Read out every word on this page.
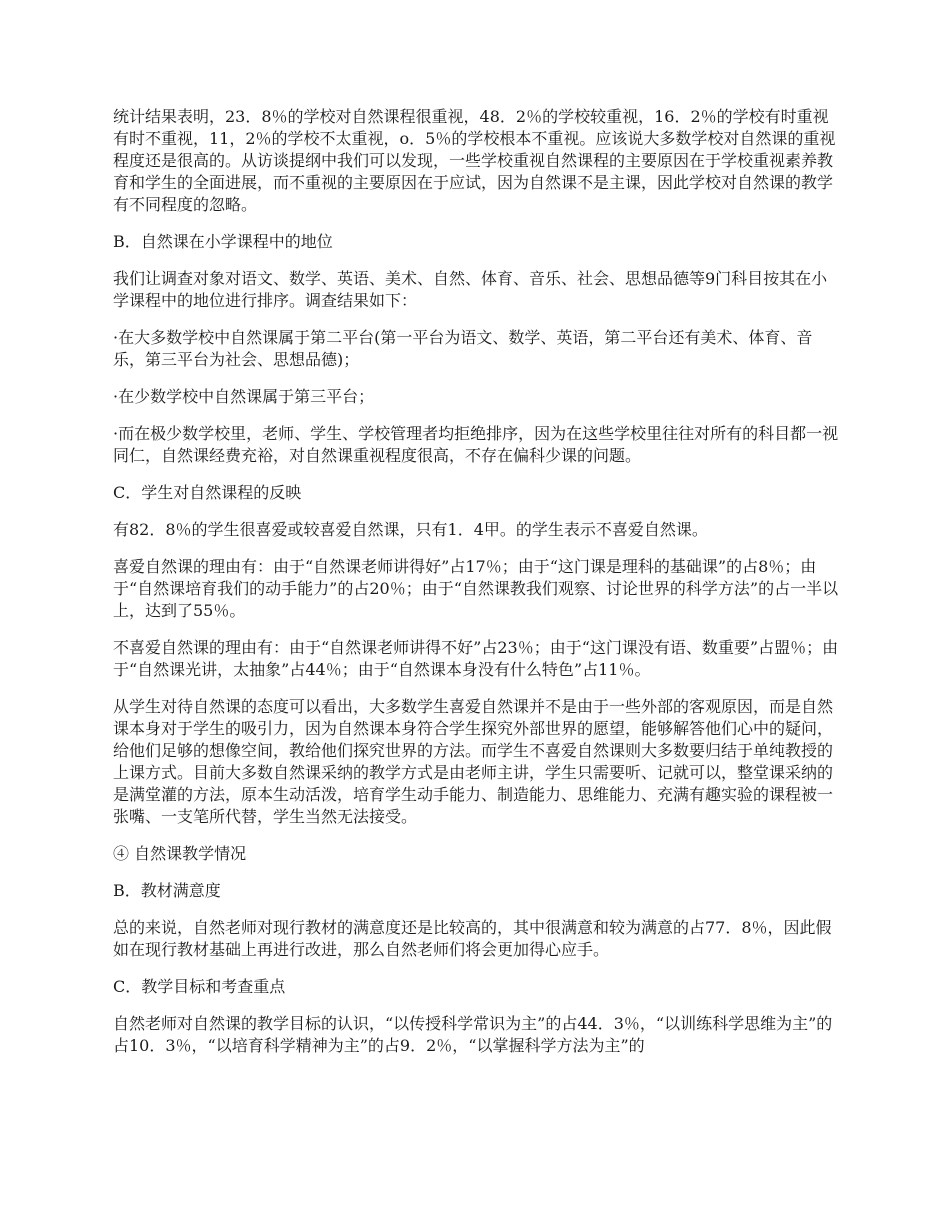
统计结果表明，23．8％的学校对自然课程很重视，48．2％的学校较重视，16．2％的学校有时重视有时不重视，11，2％的学校不太重视，o．5％的学校根本不重视。应该说大多数学校对自然课的重视程度还是很高的。从访谈提纲中我们可以发现，一些学校重视自然课程的主要原因在于学校重视素养教育和学生的全面进展，而不重视的主要原因在于应试，因为自然课不是主课，因此学校对自然课的教学有不同程度的忽略。

B．自然课在小学课程中的地位

我们让调查对象对语文、数学、英语、美术、自然、体育、音乐、社会、思想品德等9门科目按其在小学课程中的地位进行排序。调查结果如下：

·在大多数学校中自然课属于第二平台(第一平台为语文、数学、英语，第二平台还有美术、体育、音乐，第三平台为社会、思想品德)；

·在少数学校中自然课属于第三平台；

·而在极少数学校里，老师、学生、学校管理者均拒绝排序，因为在这些学校里往往对所有的科目都一视同仁，自然课经费充裕，对自然课重视程度很高，不存在偏科少课的问题。

C．学生对自然课程的反映

有82．8％的学生很喜爱或较喜爱自然课，只有1．4甲。的学生表示不喜爱自然课。

喜爱自然课的理由有：由于“自然课老师讲得好”占17％；由于“这门课是理科的基础课”的占8％；由于“自然课培育我们的动手能力”的占20％；由于“自然课教我们观察、讨论世界的科学方法”的占一半以上，达到了55％。

不喜爱自然课的理由有：由于“自然课老师讲得不好”占23％；由于“这门课没有语、数重要”占盟％；由于“自然课光讲，太抽象”占44％；由于“自然课本身没有什么特色”占11％。

从学生对待自然课的态度可以看出，大多数学生喜爱自然课并不是由于一些外部的客观原因，而是自然课本身对于学生的吸引力，因为自然课本身符合学生探究外部世界的愿望，能够解答他们心中的疑问，给他们足够的想像空间，教给他们探究世界的方法。而学生不喜爱自然课则大多数要归结于单纯教授的上课方式。目前大多数自然课采纳的教学方式是由老师主讲，学生只需要听、记就可以，整堂课采纳的是满堂灌的方法，原本生动活泼，培育学生动手能力、制造能力、思维能力、充满有趣实验的课程被一张嘴、一支笔所代替，学生当然无法接受。

④ 自然课教学情况

B．教材满意度

总的来说，自然老师对现行教材的满意度还是比较高的，其中很满意和较为满意的占77．8％，因此假如在现行教材基础上再进行改进，那么自然老师们将会更加得心应手。

C．教学目标和考查重点

自然老师对自然课的教学目标的认识，“以传授科学常识为主”的占44．3％，“以训练科学思维为主”的占10．3％，“以培育科学精神为主”的占9．2％，“以掌握科学方法为主”的
